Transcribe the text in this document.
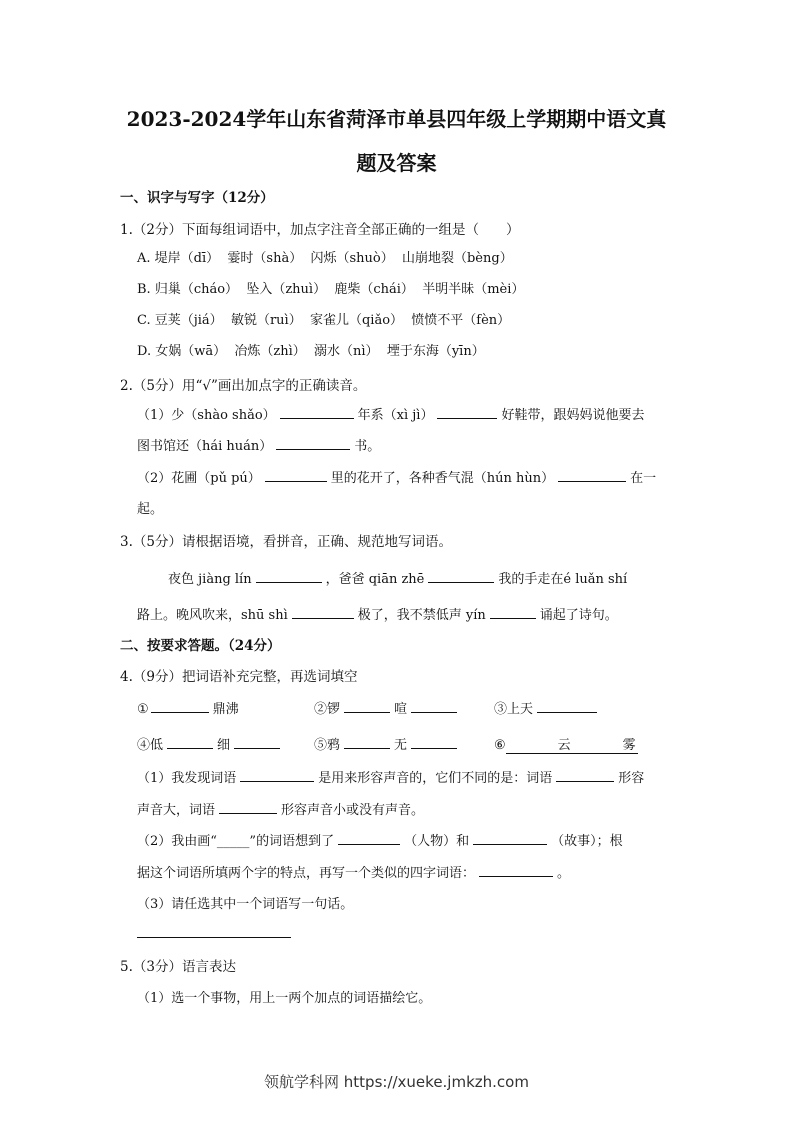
2023-2024学年山东省菏泽市单县四年级上学期期中语文真
题及答案
一、识字与写字（12分）
1.（2分）下面每组词语中，加点字注音全部正确的一组是（　　）
A. 堤岸（dī） 霎时（shà） 闪烁（shuò） 山崩地裂（bèng）
B. 归巢（cháo） 坠入（zhuì） 鹿柴（chái） 半明半昧（mèi）
C. 豆荚（jiá） 敏锐（ruì） 家雀儿（qiǎo） 愤愤不平（fèn）
D. 女娲（wā） 冶炼（zhì） 溺水（nì） 堙于东海（yīn）
2.（5分）用“√”画出加点字的正确读音。
（1）少（shào shǎo）	年系（xì jì）	好鞋带，跟妈妈说他要去
图书馆还（hái huán）	书。
（2）花圃（pǔ pú）	里的花开了，各种香气混（hún hùn）	在一
起。
3.（5分）请根据语境，看拼音，正确、规范地写词语。
夜色 jiàng lín	，爸爸 qiān zhē	我的手走在é luǎn shí
路上。晚风吹来，shū shì	极了，我不禁低声 yín	诵起了诗句。
二、按要求答题。（24分）
4.（9分）把词语补充完整，再选词填空
①	鼎沸	②锣	喧	③上天
④低	细	⑤鸦	无	⑥	云	雾
（1）我发现词语	是用来形容声音的，它们不同的是：词语	形容
声音大，词语	形容声音小或没有声音。
（2）我由画“_____”的词语想到了	（人物）和	（故事）；根
据这个词语所填两个字的特点，再写一个类似的四字词语：	。
（3）请任选其中一个词语写一句话。
5.（3分）语言表达
（1）选一个事物，用上一两个加点的词语描绘它。
领航学科网 https://xueke.jmkzh.com
